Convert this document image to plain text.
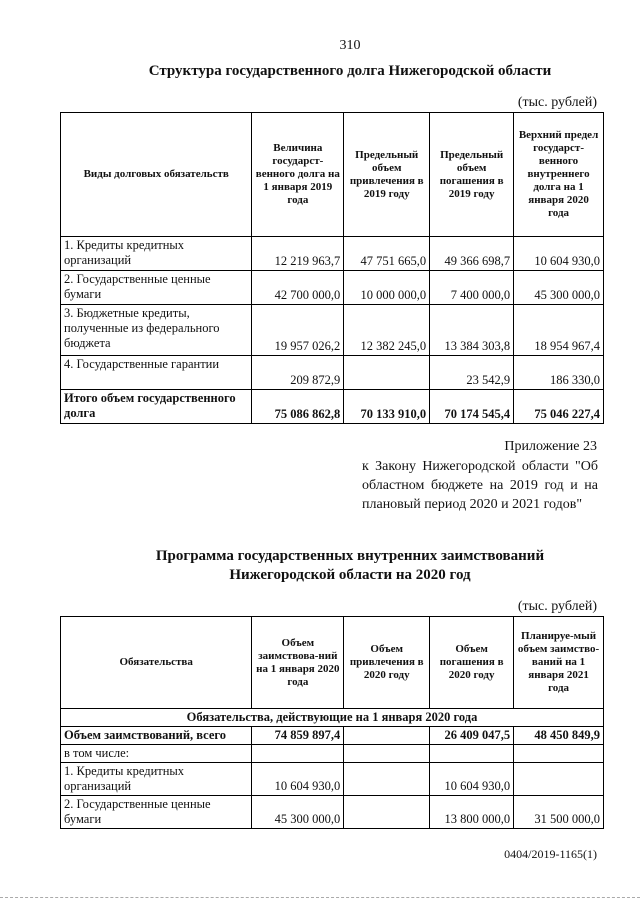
310
Структура государственного долга Нижегородской области
(тыс. рублей)
Виды долговых обязательств	Величина государст-венного долга на 1 января 2019 года	Предельный объем привлечения в 2019 году	Предельный объем погашения в 2019 году	Верхний предел государст-венного внутреннего долга на 1 января 2020 года
1. Кредиты кредитных организаций	12 219 963,7	47 751 665,0	49 366 698,7	10 604 930,0
2. Государственные ценные бумаги	42 700 000,0	10 000 000,0	7 400 000,0	45 300 000,0
3. Бюджетные кредиты, полученные из федерального бюджета	19 957 026,2	12 382 245,0	13 384 303,8	18 954 967,4
4. Государственные гарантии	209 872,9		23 542,9	186 330,0
Итого объем государственного долга	75 086 862,8	70 133 910,0	70 174 545,4	75 046 227,4
Приложение 23
к Закону Нижегородской области "Об областном бюджете на 2019 год и на плановый период 2020 и 2021 годов"
Программа государственных внутренних заимствований
Нижегородской области на 2020 год
(тыс. рублей)
Обязательства	Объем заимствова-ний на 1 января 2020 года	Объем привлечения в 2020 году	Объем погашения в 2020 году	Планируе-мый объем заимство-ваний на 1 января 2021 года
Обязательства, действующие на 1 января 2020 года				
Объем заимствований, всего	74 859 897,4		26 409 047,5	48 450 849,9
в том числе:				
1. Кредиты кредитных организаций	10 604 930,0		10 604 930,0	
2. Государственные ценные бумаги	45 300 000,0		13 800 000,0	31 500 000,0
0404/2019-1165(1)
